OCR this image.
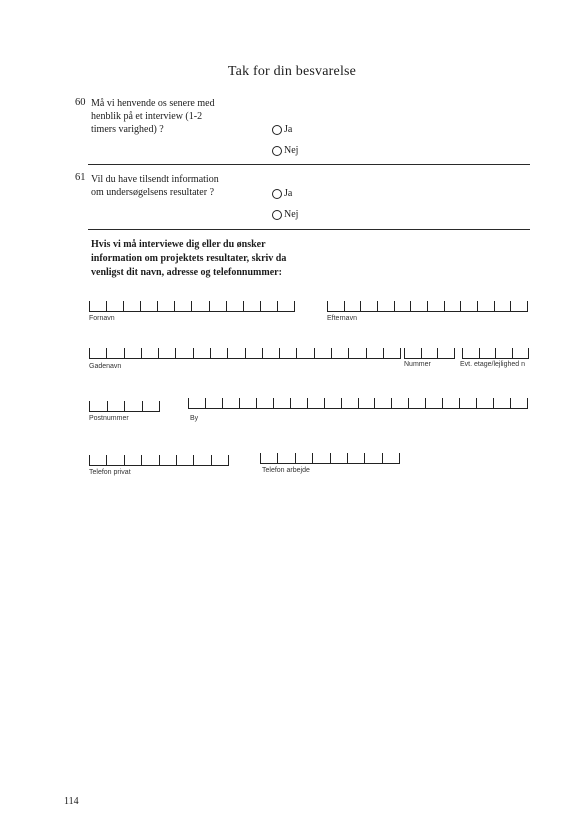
Tak for din besvarelse
60 Må vi henvende os senere med
henblik på et interview (1-2
timers varighed) ?	Ja
Nej
61 Vil du have tilsendt information
om undersøgelsens resultater ?	Ja
Nej
Hvis vi må interviewe dig eller du ønsker
information om projektets resultater, skriv da
venligst dit navn, adresse og telefonnummer:
Fornavn	Efternavn
Gadenavn	Nummer	Evt. etage/lejlighed n
Postnummer	By
Telefon privat	Telefon arbejde
114
